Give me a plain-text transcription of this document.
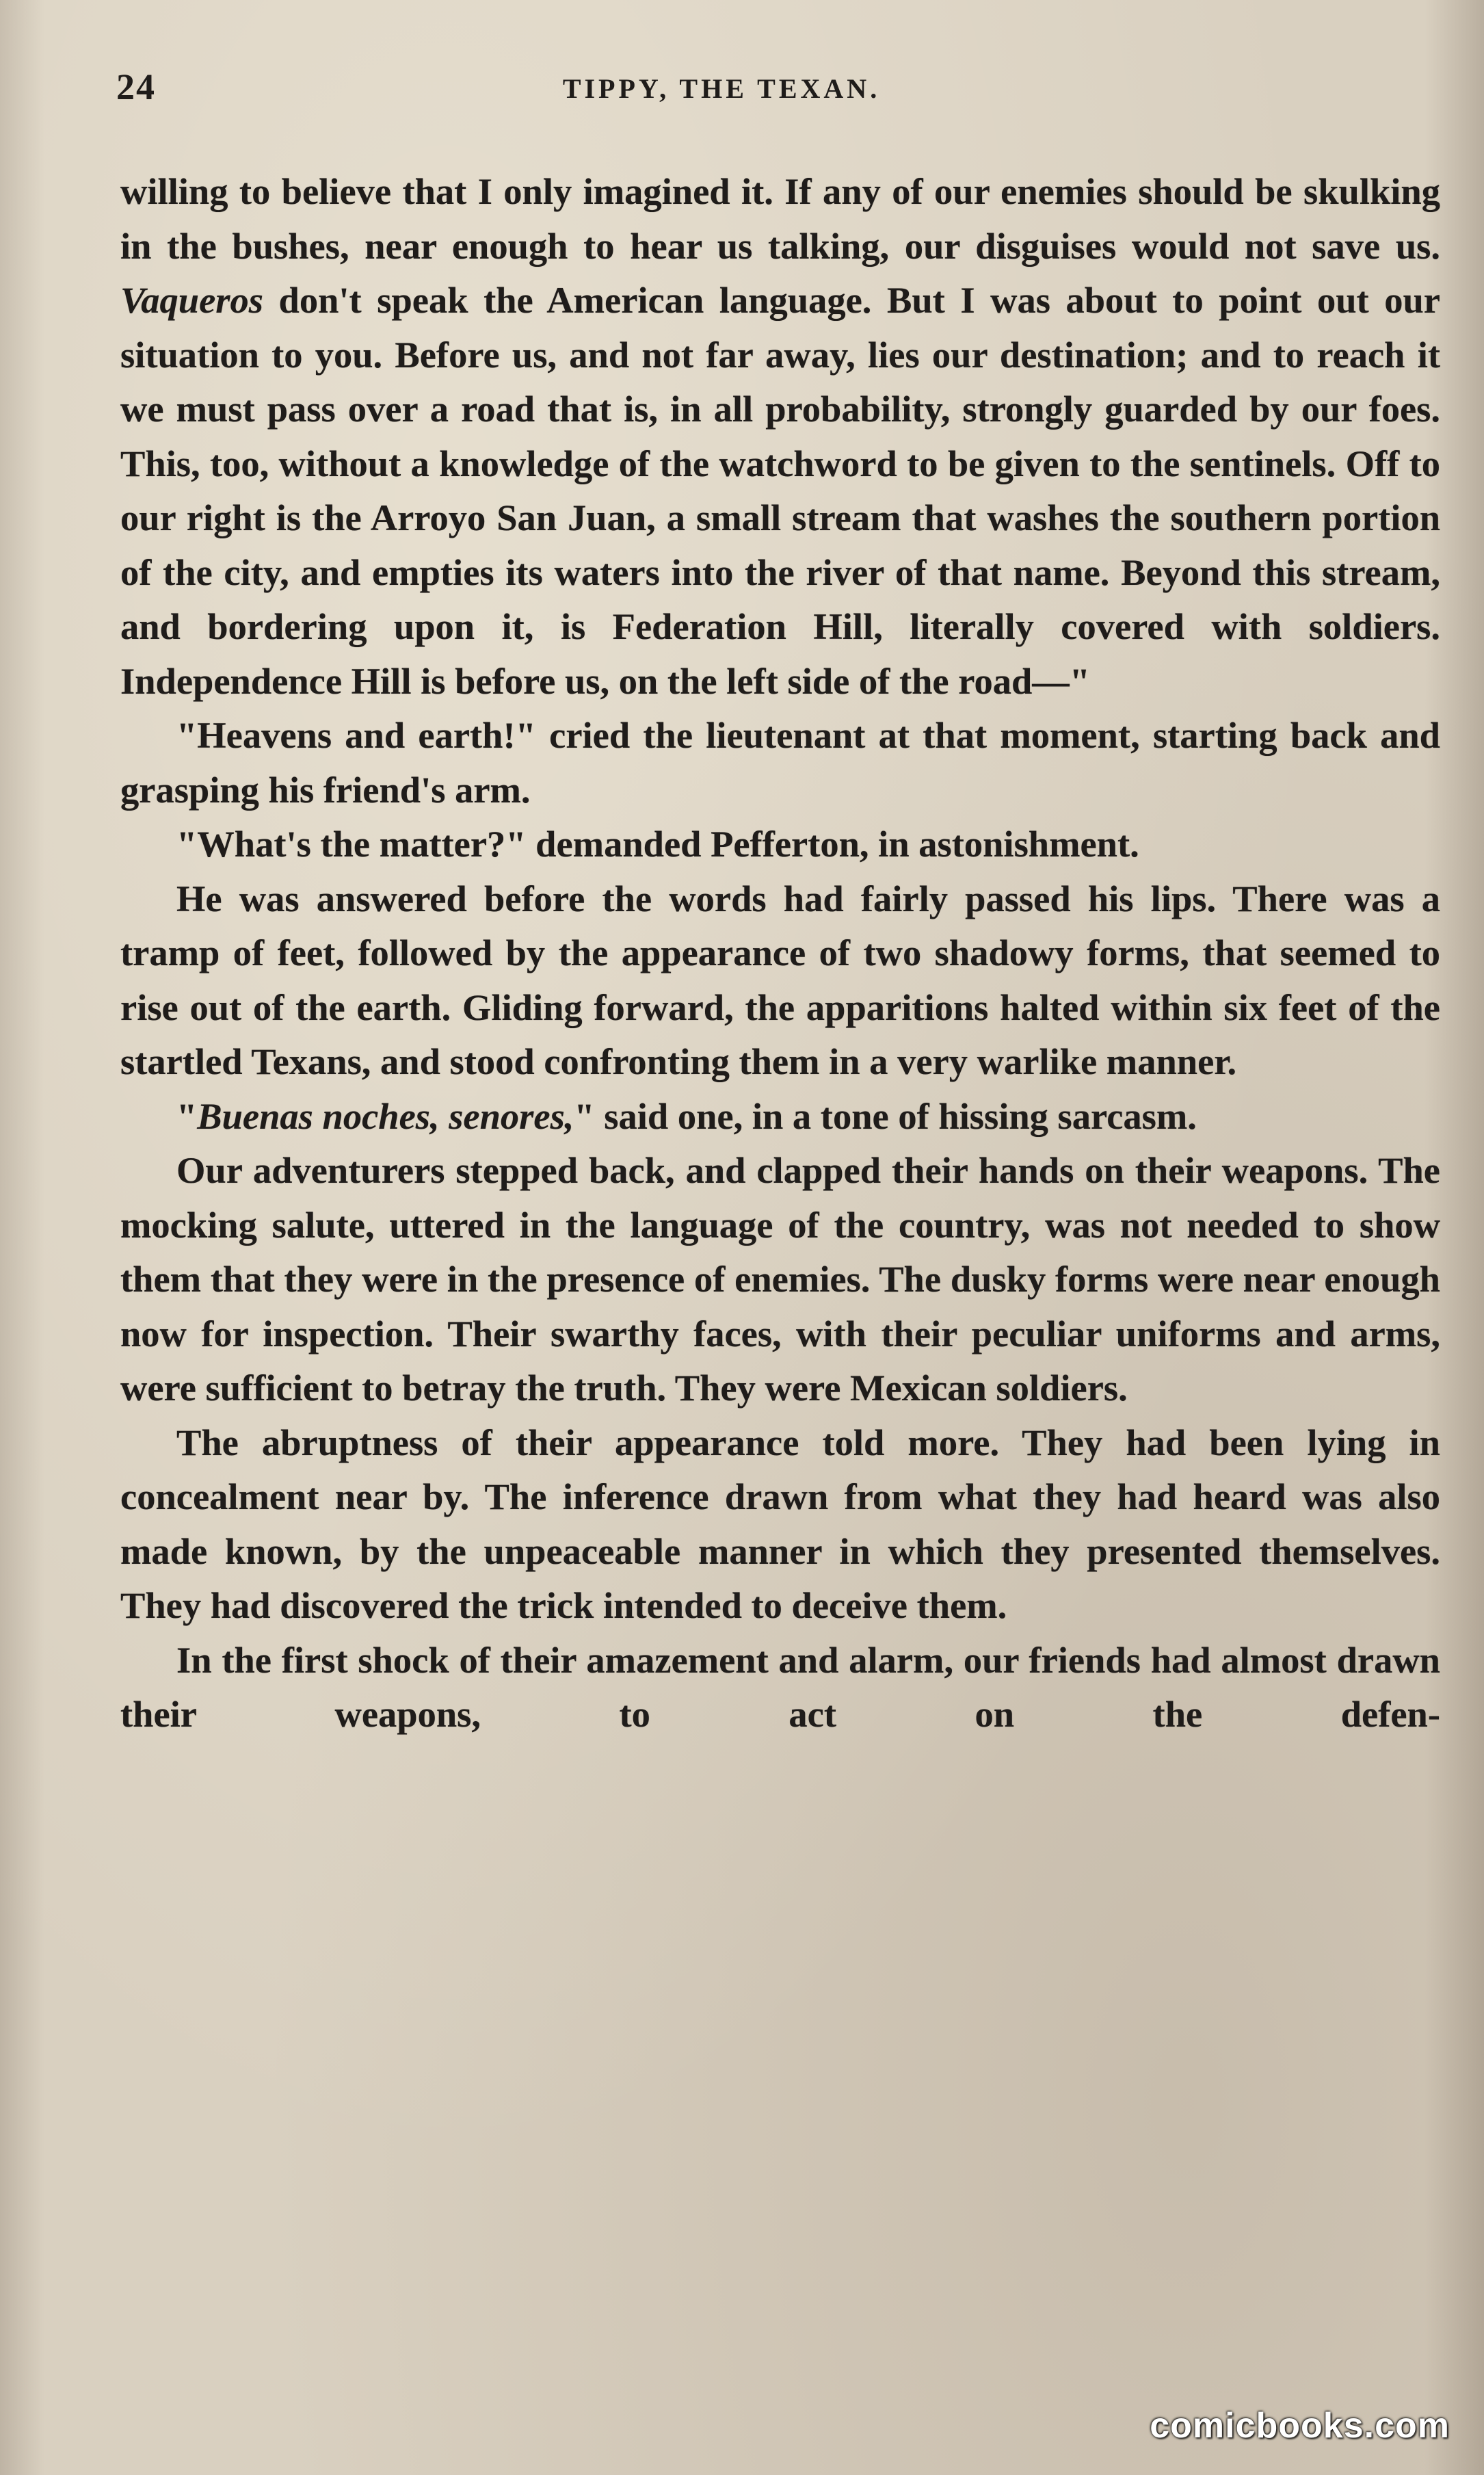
24	TIPPY, THE TEXAN.

willing to believe that I only imagined it. If any of our enemies should be skulking in the bushes, near enough to hear us talking, our disguises would not save us. Vaqueros don't speak the American language. But I was about to point out our situation to you. Before us, and not far away, lies our destination; and to reach it we must pass over a road that is, in all probability, strongly guarded by our foes. This, too, without a knowledge of the watchword to be given to the sentinels. Off to our right is the Arroyo San Juan, a small stream that washes the southern portion of the city, and empties its waters into the river of that name. Beyond this stream, and bordering upon it, is Federation Hill, literally covered with soldiers. Independence Hill is before us, on the left side of the road—"

"Heavens and earth!" cried the lieutenant at that moment, starting back and grasping his friend's arm.

"What's the matter?" demanded Pefferton, in astonishment.

He was answered before the words had fairly passed his lips. There was a tramp of feet, followed by the appearance of two shadowy forms, that seemed to rise out of the earth. Gliding forward, the apparitions halted within six feet of the startled Texans, and stood confronting them in a very warlike manner.

"Buenas noches, senores," said one, in a tone of hissing sarcasm.

Our adventurers stepped back, and clapped their hands on their weapons. The mocking salute, uttered in the language of the country, was not needed to show them that they were in the presence of enemies. The dusky forms were near enough now for inspection. Their swarthy faces, with their peculiar uniforms and arms, were sufficient to betray the truth. They were Mexican soldiers.

The abruptness of their appearance told more. They had been lying in concealment near by. The inference drawn from what they had heard was also made known, by the unpeaceable manner in which they presented themselves. They had discovered the trick intended to deceive them.

In the first shock of their amazement and alarm, our friends had almost drawn their weapons, to act on the defen-

comicbooks.com
